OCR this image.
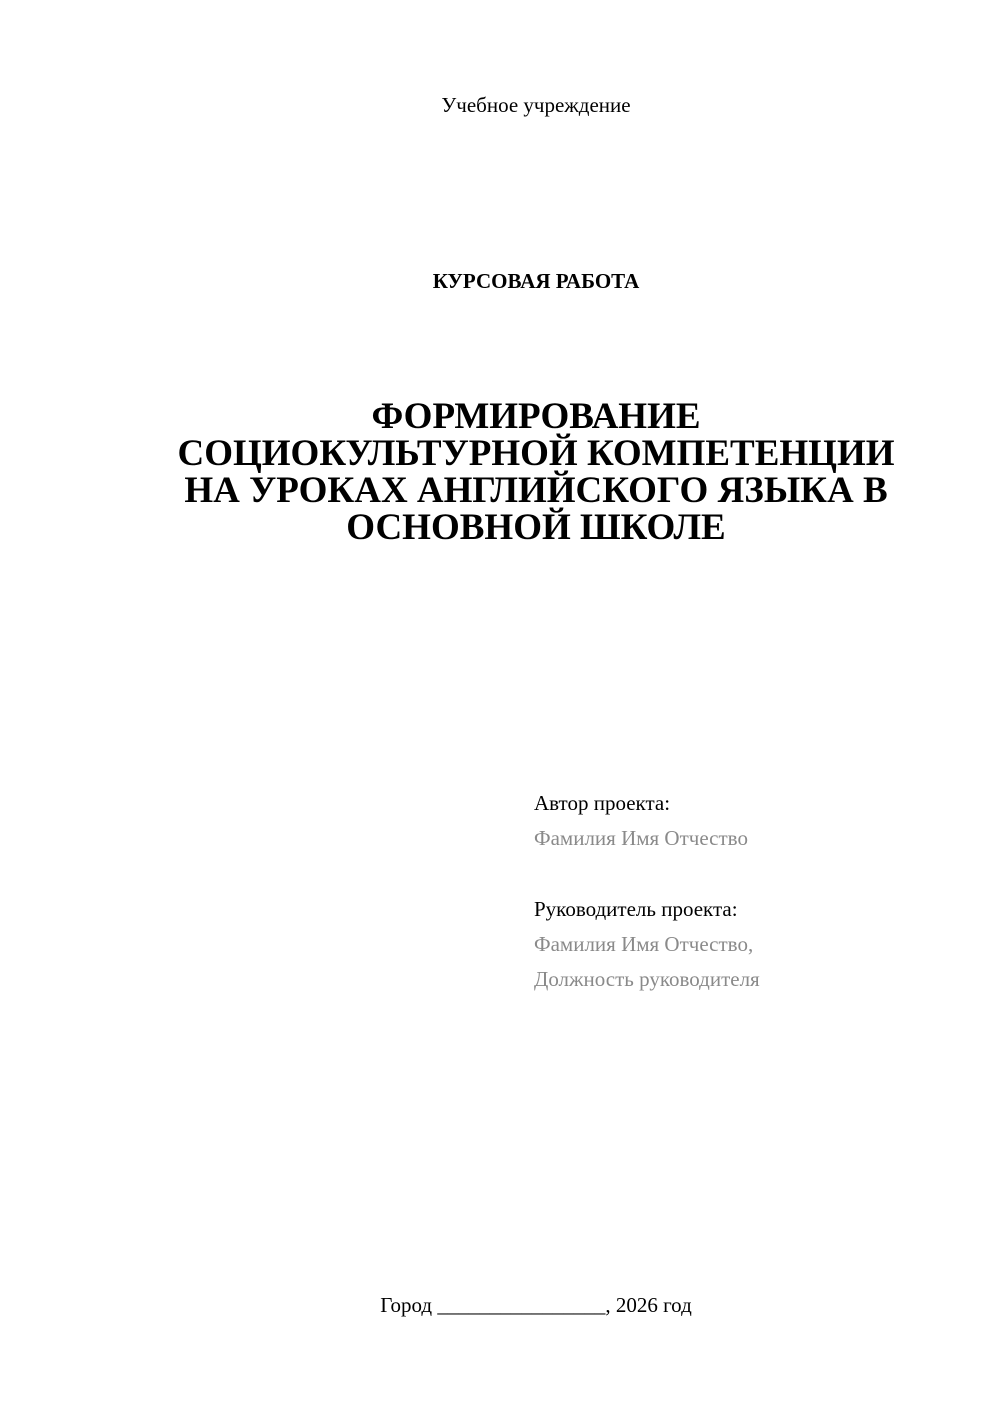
Учебное учреждение
КУРСОВАЯ РАБОТА
ФОРМИРОВАНИЕ
СОЦИОКУЛЬТУРНОЙ КОМПЕТЕНЦИИ
НА УРОКАХ АНГЛИЙСКОГО ЯЗЫКА В
ОСНОВНОЙ ШКОЛЕ
Автор проекта:
Фамилия Имя Отчество
Руководитель проекта:
Фамилия Имя Отчество,
Должность руководителя
Город ________________, 2026 год
